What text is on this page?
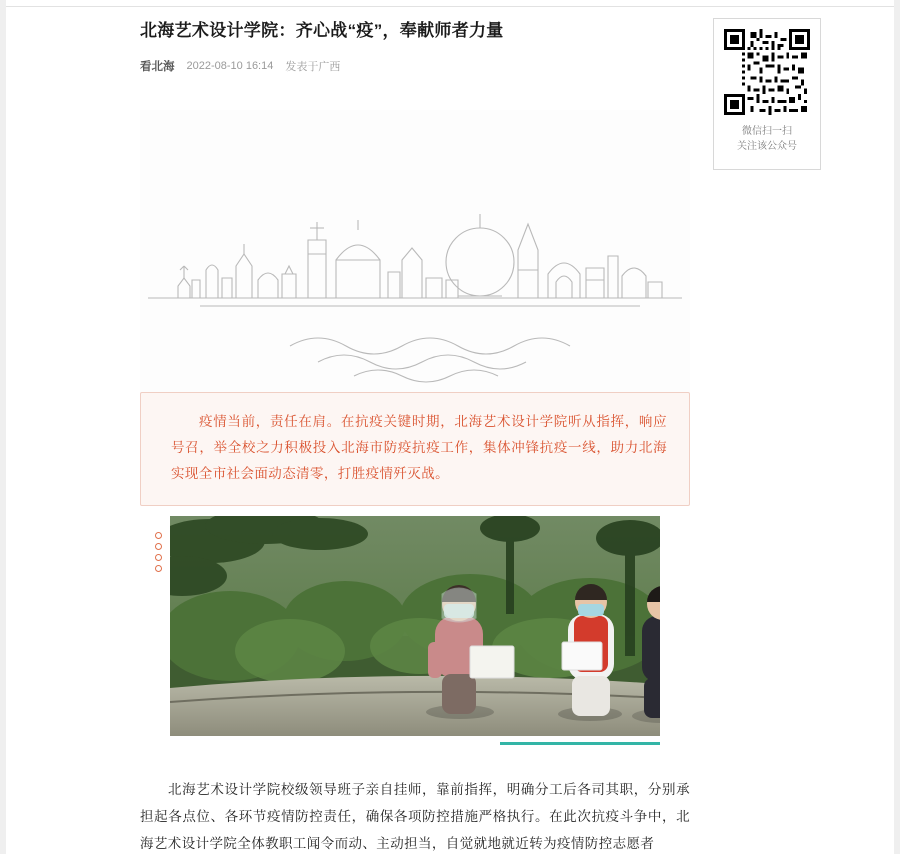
北海艺术设计学院：齐心战“疫”，奉献师者力量
看北海 2022-08-10 16:14 发表于广西

疫情当前，责任在肩。在抗疫关键时期，北海艺术设计学院听从指挥，响应号召，举全校之力积极投入北海市防疫抗疫工作，集体冲锋抗疫一线，助力北海实现全市社会面动态清零，打胜疫情歼灭战。

北海艺术设计学院校级领导班子亲自挂师，靠前指挥，明确分工后各司其职，分别承担起各点位、各环节疫情防控责任，确保各项防控措施严格执行。在此次抗疫斗争中，北海艺术设计学院全体教职工闻令而动、主动担当，自觉就地就近转为疫情防控志愿者

微信扫一扫
关注该公众号
